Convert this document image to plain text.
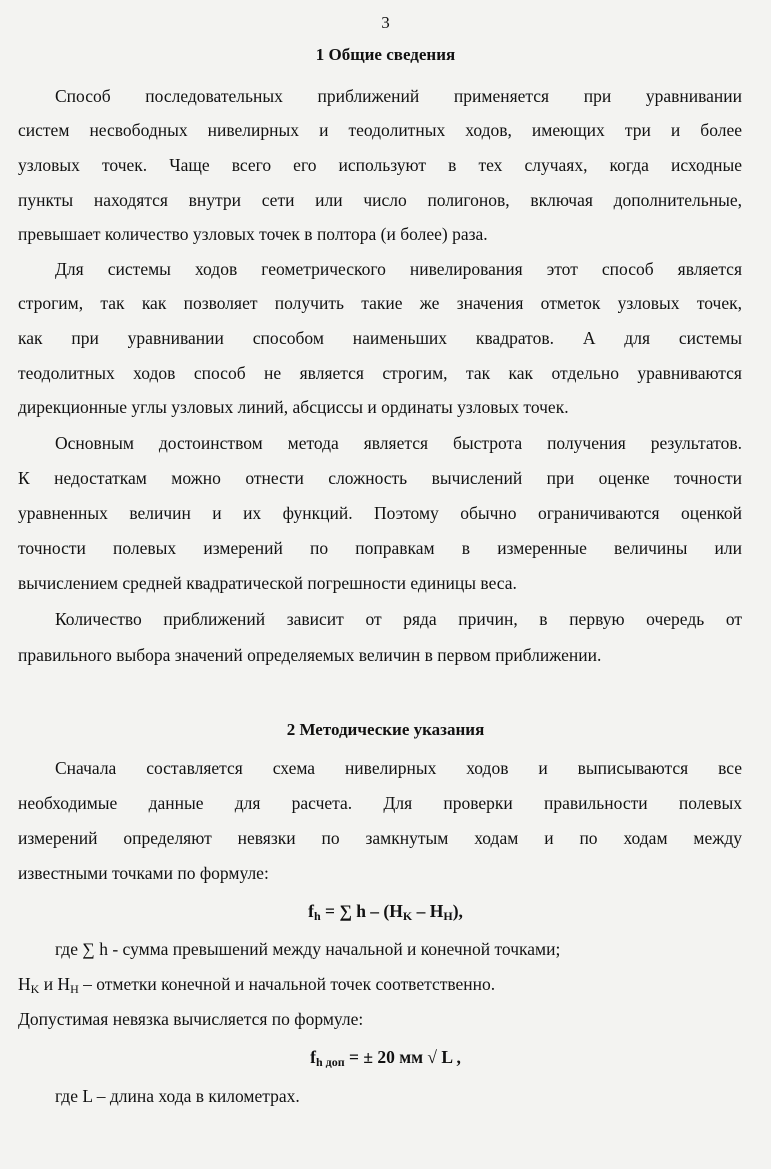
3
1 Общие сведения
Способ последовательных приближений применяется при уравнивании
систем несвободных нивелирных и теодолитных ходов, имеющих три и более
узловых точек. Чаще всего его используют в тех случаях, когда исходные
пункты находятся внутри сети или число полигонов, включая дополнительные,
превышает количество узловых точек в полтора (и более) раза.
Для системы ходов геометрического нивелирования этот способ является
строгим, так как позволяет получить такие же значения отметок узловых точек,
как при уравнивании способом наименьших квадратов. А для системы
теодолитных ходов способ не является строгим, так как отдельно уравниваются
дирекционные углы узловых линий, абсциссы и ординаты узловых точек.
Основным достоинством метода является быстрота получения результатов.
К недостаткам можно отнести сложность вычислений при оценке точности
уравненных величин и их функций. Поэтому обычно ограничиваются оценкой
точности полевых измерений по поправкам в измеренные величины или
вычислением средней квадратической погрешности единицы веса.
Количество приближений зависит от ряда причин, в первую очередь от
правильного выбора значений определяемых величин в первом приближении.
2 Методические указания
Сначала составляется схема нивелирных ходов и выписываются все
необходимые данные для расчета. Для проверки правильности полевых
измерений определяют невязки по замкнутым ходам и по ходам между
известными точками по формуле:
$f_h$ = ∑ h – $(H_K - H_H)$,
где ∑ h - сумма превышений между начальной и конечной точками;
$H_K$ и $H_H$ – отметки конечной и начальной точек соответственно.
Допустимая невязка вычисляется по формуле:
$f_{h доп}$ = ± 20 мм √ L ,
где L – длина хода в километрах.
